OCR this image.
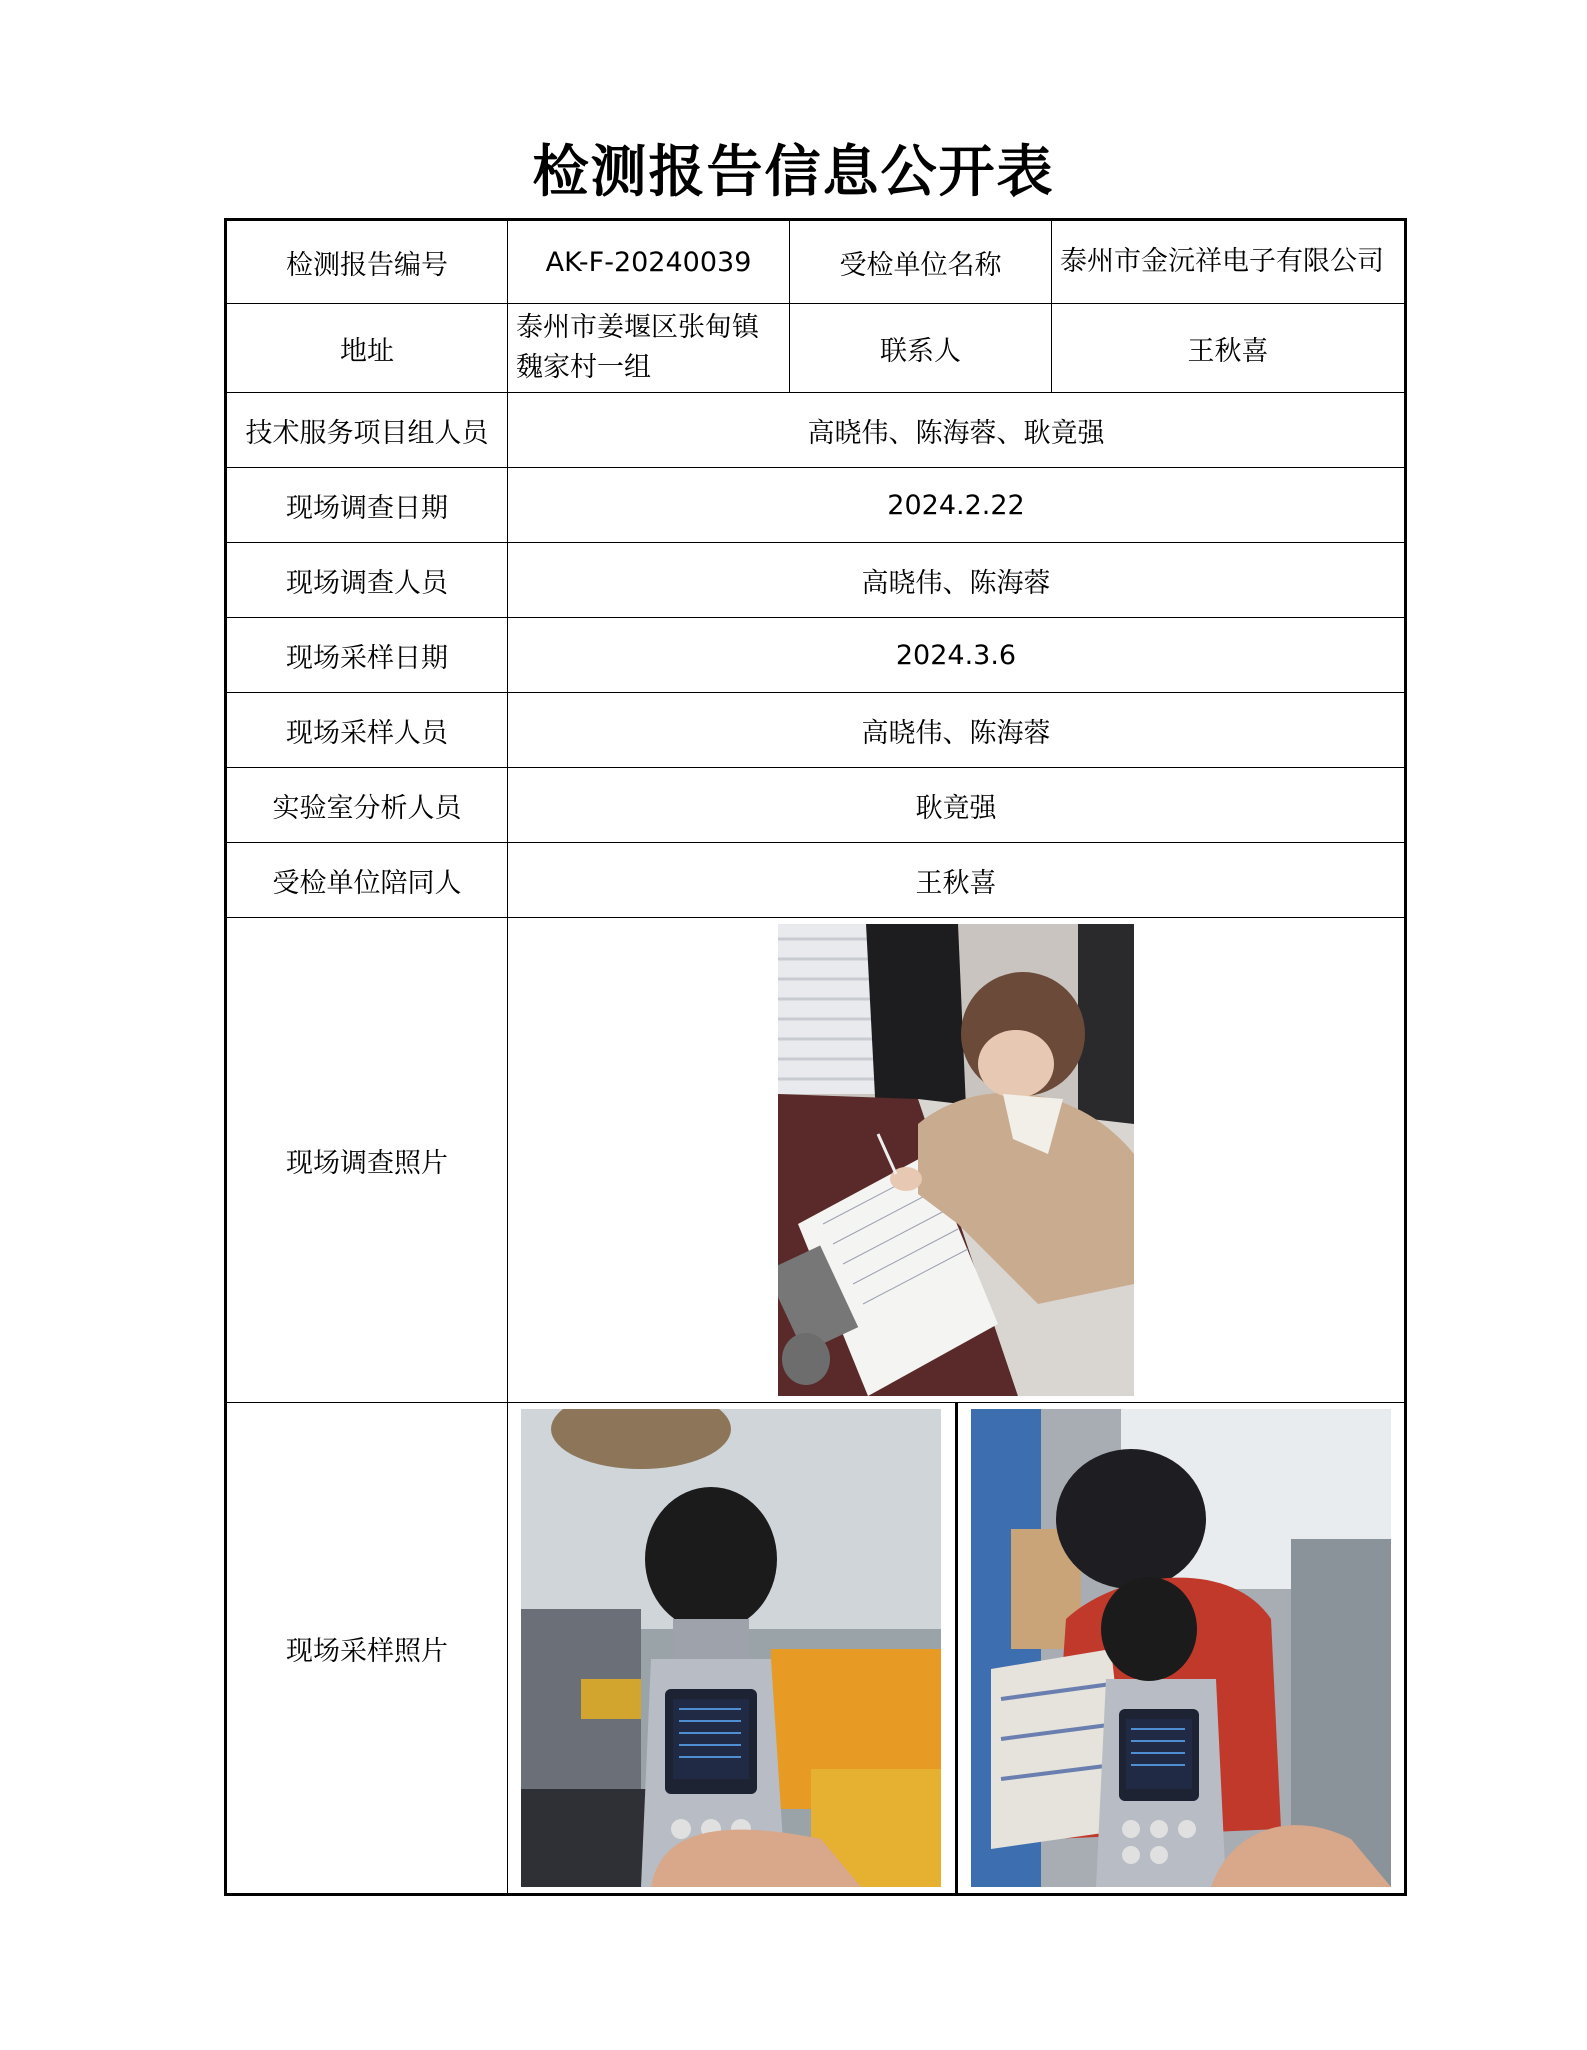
检测报告信息公开表
检测报告编号	AK-F-20240039	受检单位名称	泰州市金沅祥电子有限公司
地址	泰州市姜堰区张甸镇魏家村一组	联系人	王秋喜
技术服务项目组人员	高晓伟、陈海蓉、耿竟强		
现场调查日期	2024.2.22		
现场调查人员	高晓伟、陈海蓉		
现场采样日期	2024.3.6		
现场采样人员	高晓伟、陈海蓉		
实验室分析人员	耿竟强		
受检单位陪同人	王秋喜		
现场调查照片	

现场采样照片	
